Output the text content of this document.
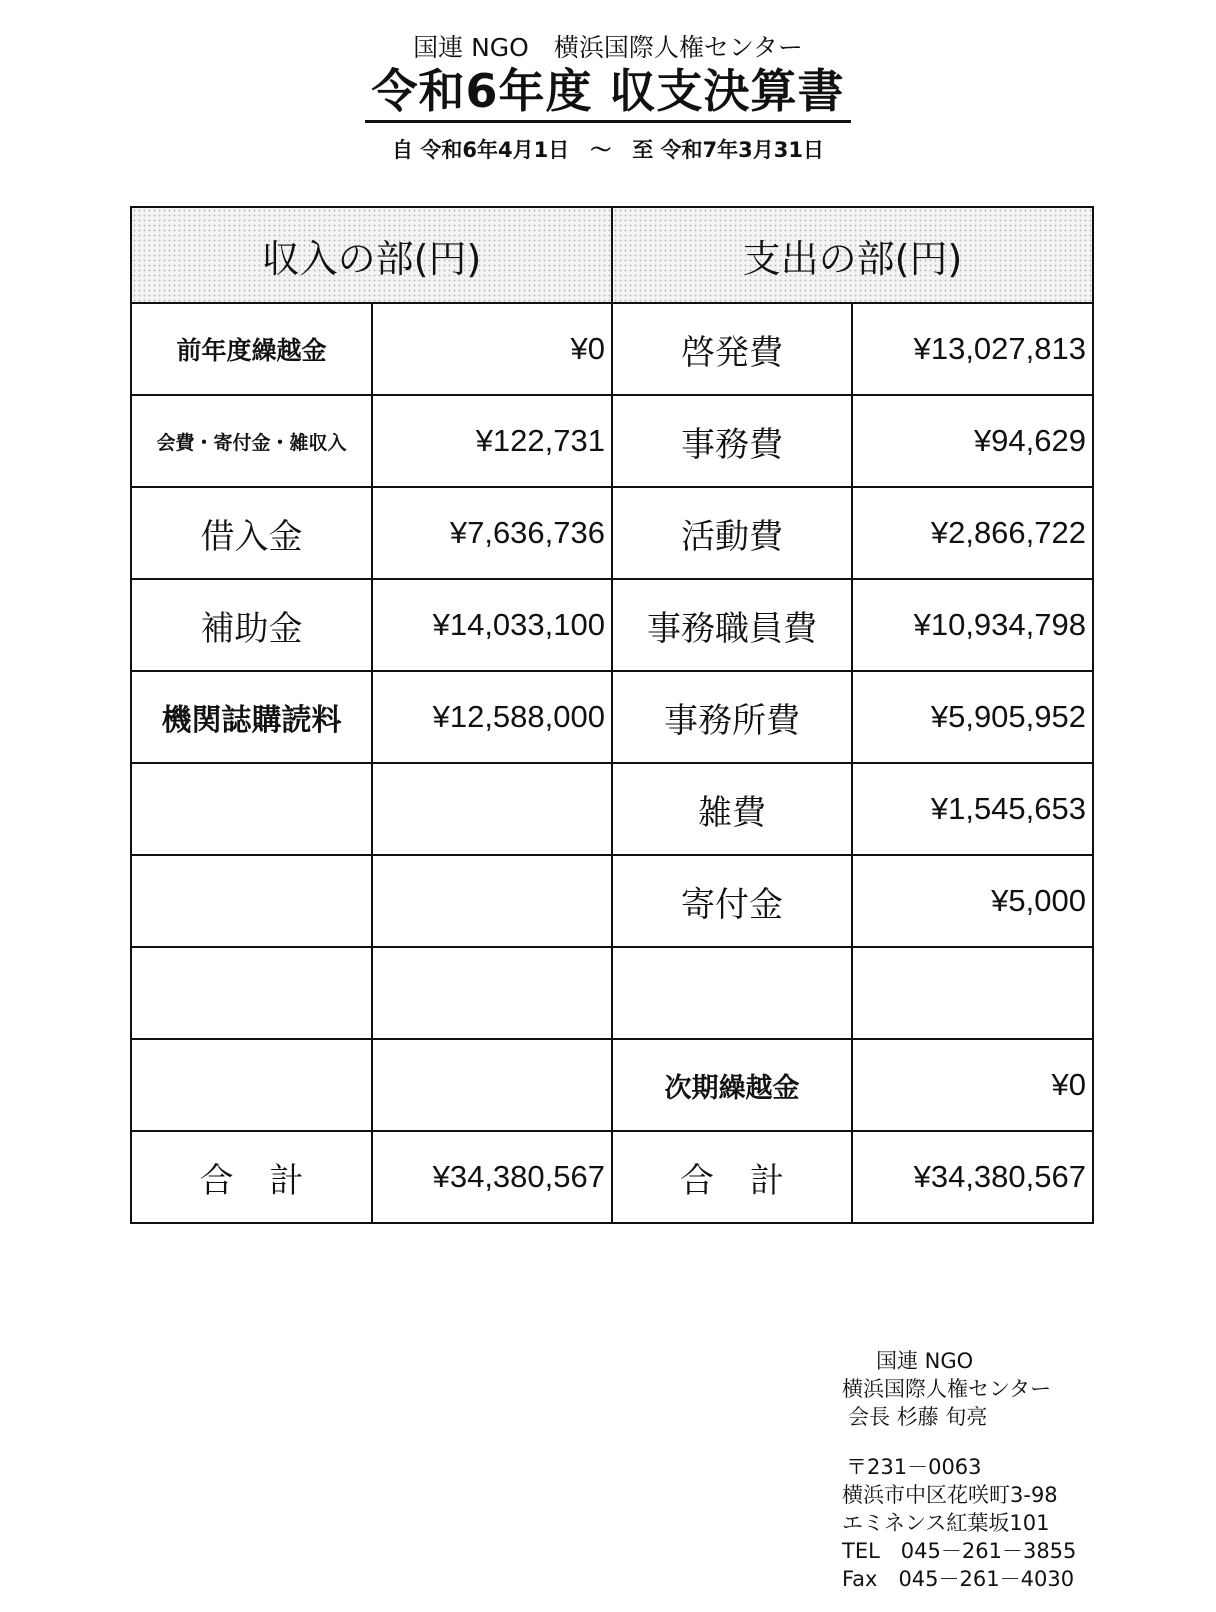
国連 NGO　横浜国際人権センター
令和6年度 収支決算書
自 令和6年4月1日　～　至 令和7年3月31日
収入の部(円)		支出の部(円)	
前年度繰越金	¥0	啓発費	¥13,027,813
会費・寄付金・雑収入	¥122,731	事務費	¥94,629
借入金	¥7,636,736	活動費	¥2,866,722
補助金	¥14,033,100	事務職員費	¥10,934,798
機関誌購読料	¥12,588,000	事務所費	¥5,905,952
		雑費	¥1,545,653
		寄付金	¥5,000

		次期繰越金	¥0
合計	¥34,380,567	合計	¥34,380,567
国連 NGO
横浜国際人権センター
会長 杉藤 旬亮
〒231－0063
横浜市中区花咲町3-98
エミネンス紅葉坂101
TEL　045－261－3855
Fax　045－261－4030
